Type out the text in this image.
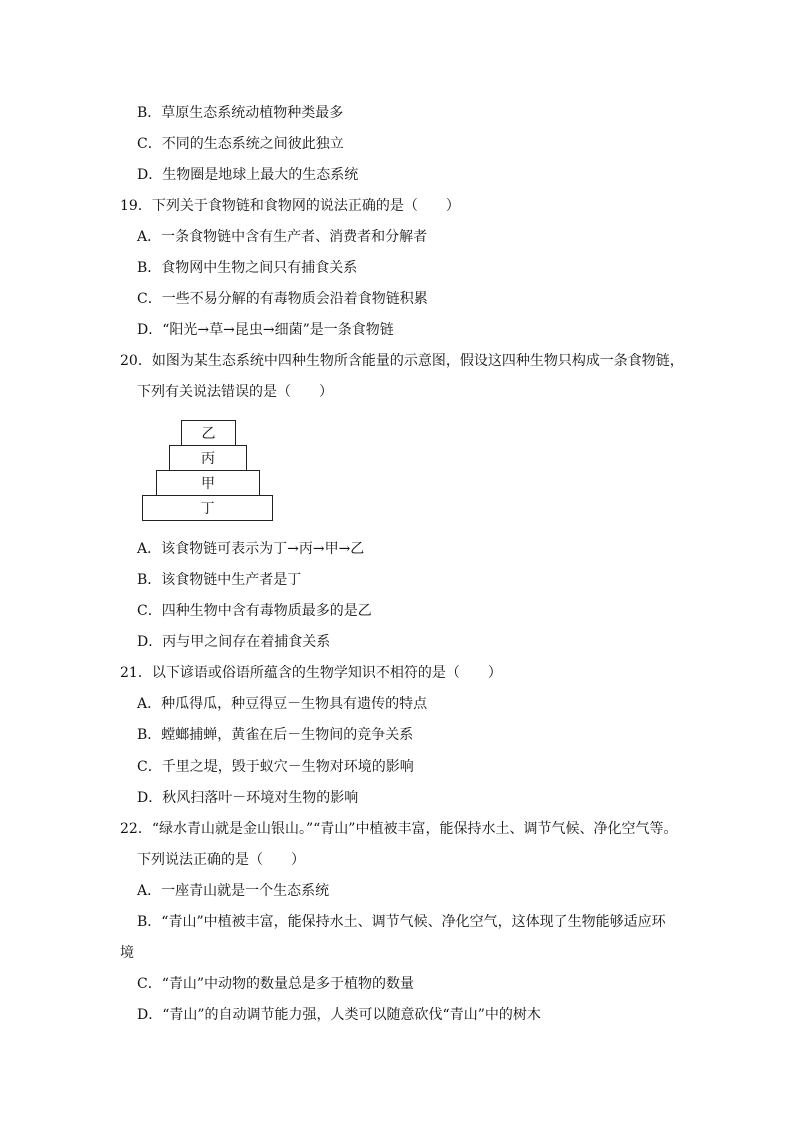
B．草原生态系统动植物种类最多
C．不同的生态系统之间彼此独立
D．生物圈是地球上最大的生态系统
19．下列关于食物链和食物网的说法正确的是（　　）
A．一条食物链中含有生产者、消费者和分解者
B．食物网中生物之间只有捕食关系
C．一些不易分解的有毒物质会沿着食物链积累
D．“阳光→草→昆虫→细菌”是一条食物链
20．如图为某生态系统中四种生物所含能量的示意图，假设这四种生物只构成一条食物链，
下列有关说法错误的是（　　）
乙
丙
甲
丁
A．该食物链可表示为丁→丙→甲→乙
B．该食物链中生产者是丁
C．四种生物中含有毒物质最多的是乙
D．丙与甲之间存在着捕食关系
21．以下谚语或俗语所蕴含的生物学知识不相符的是（　　）
A．种瓜得瓜，种豆得豆－生物具有遗传的特点
B．螳螂捕蝉，黄雀在后－生物间的竞争关系
C．千里之堤，毁于蚁穴－生物对环境的影响
D．秋风扫落叶－环境对生物的影响
22．“绿水青山就是金山银山。”“青山”中植被丰富，能保持水土、调节气候、净化空气等。
下列说法正确的是（　　）
A．一座青山就是一个生态系统
B．“青山”中植被丰富，能保持水土、调节气候、净化空气，这体现了生物能够适应环
境
C．“青山”中动物的数量总是多于植物的数量
D．“青山”的自动调节能力强，人类可以随意砍伐“青山”中的树木
